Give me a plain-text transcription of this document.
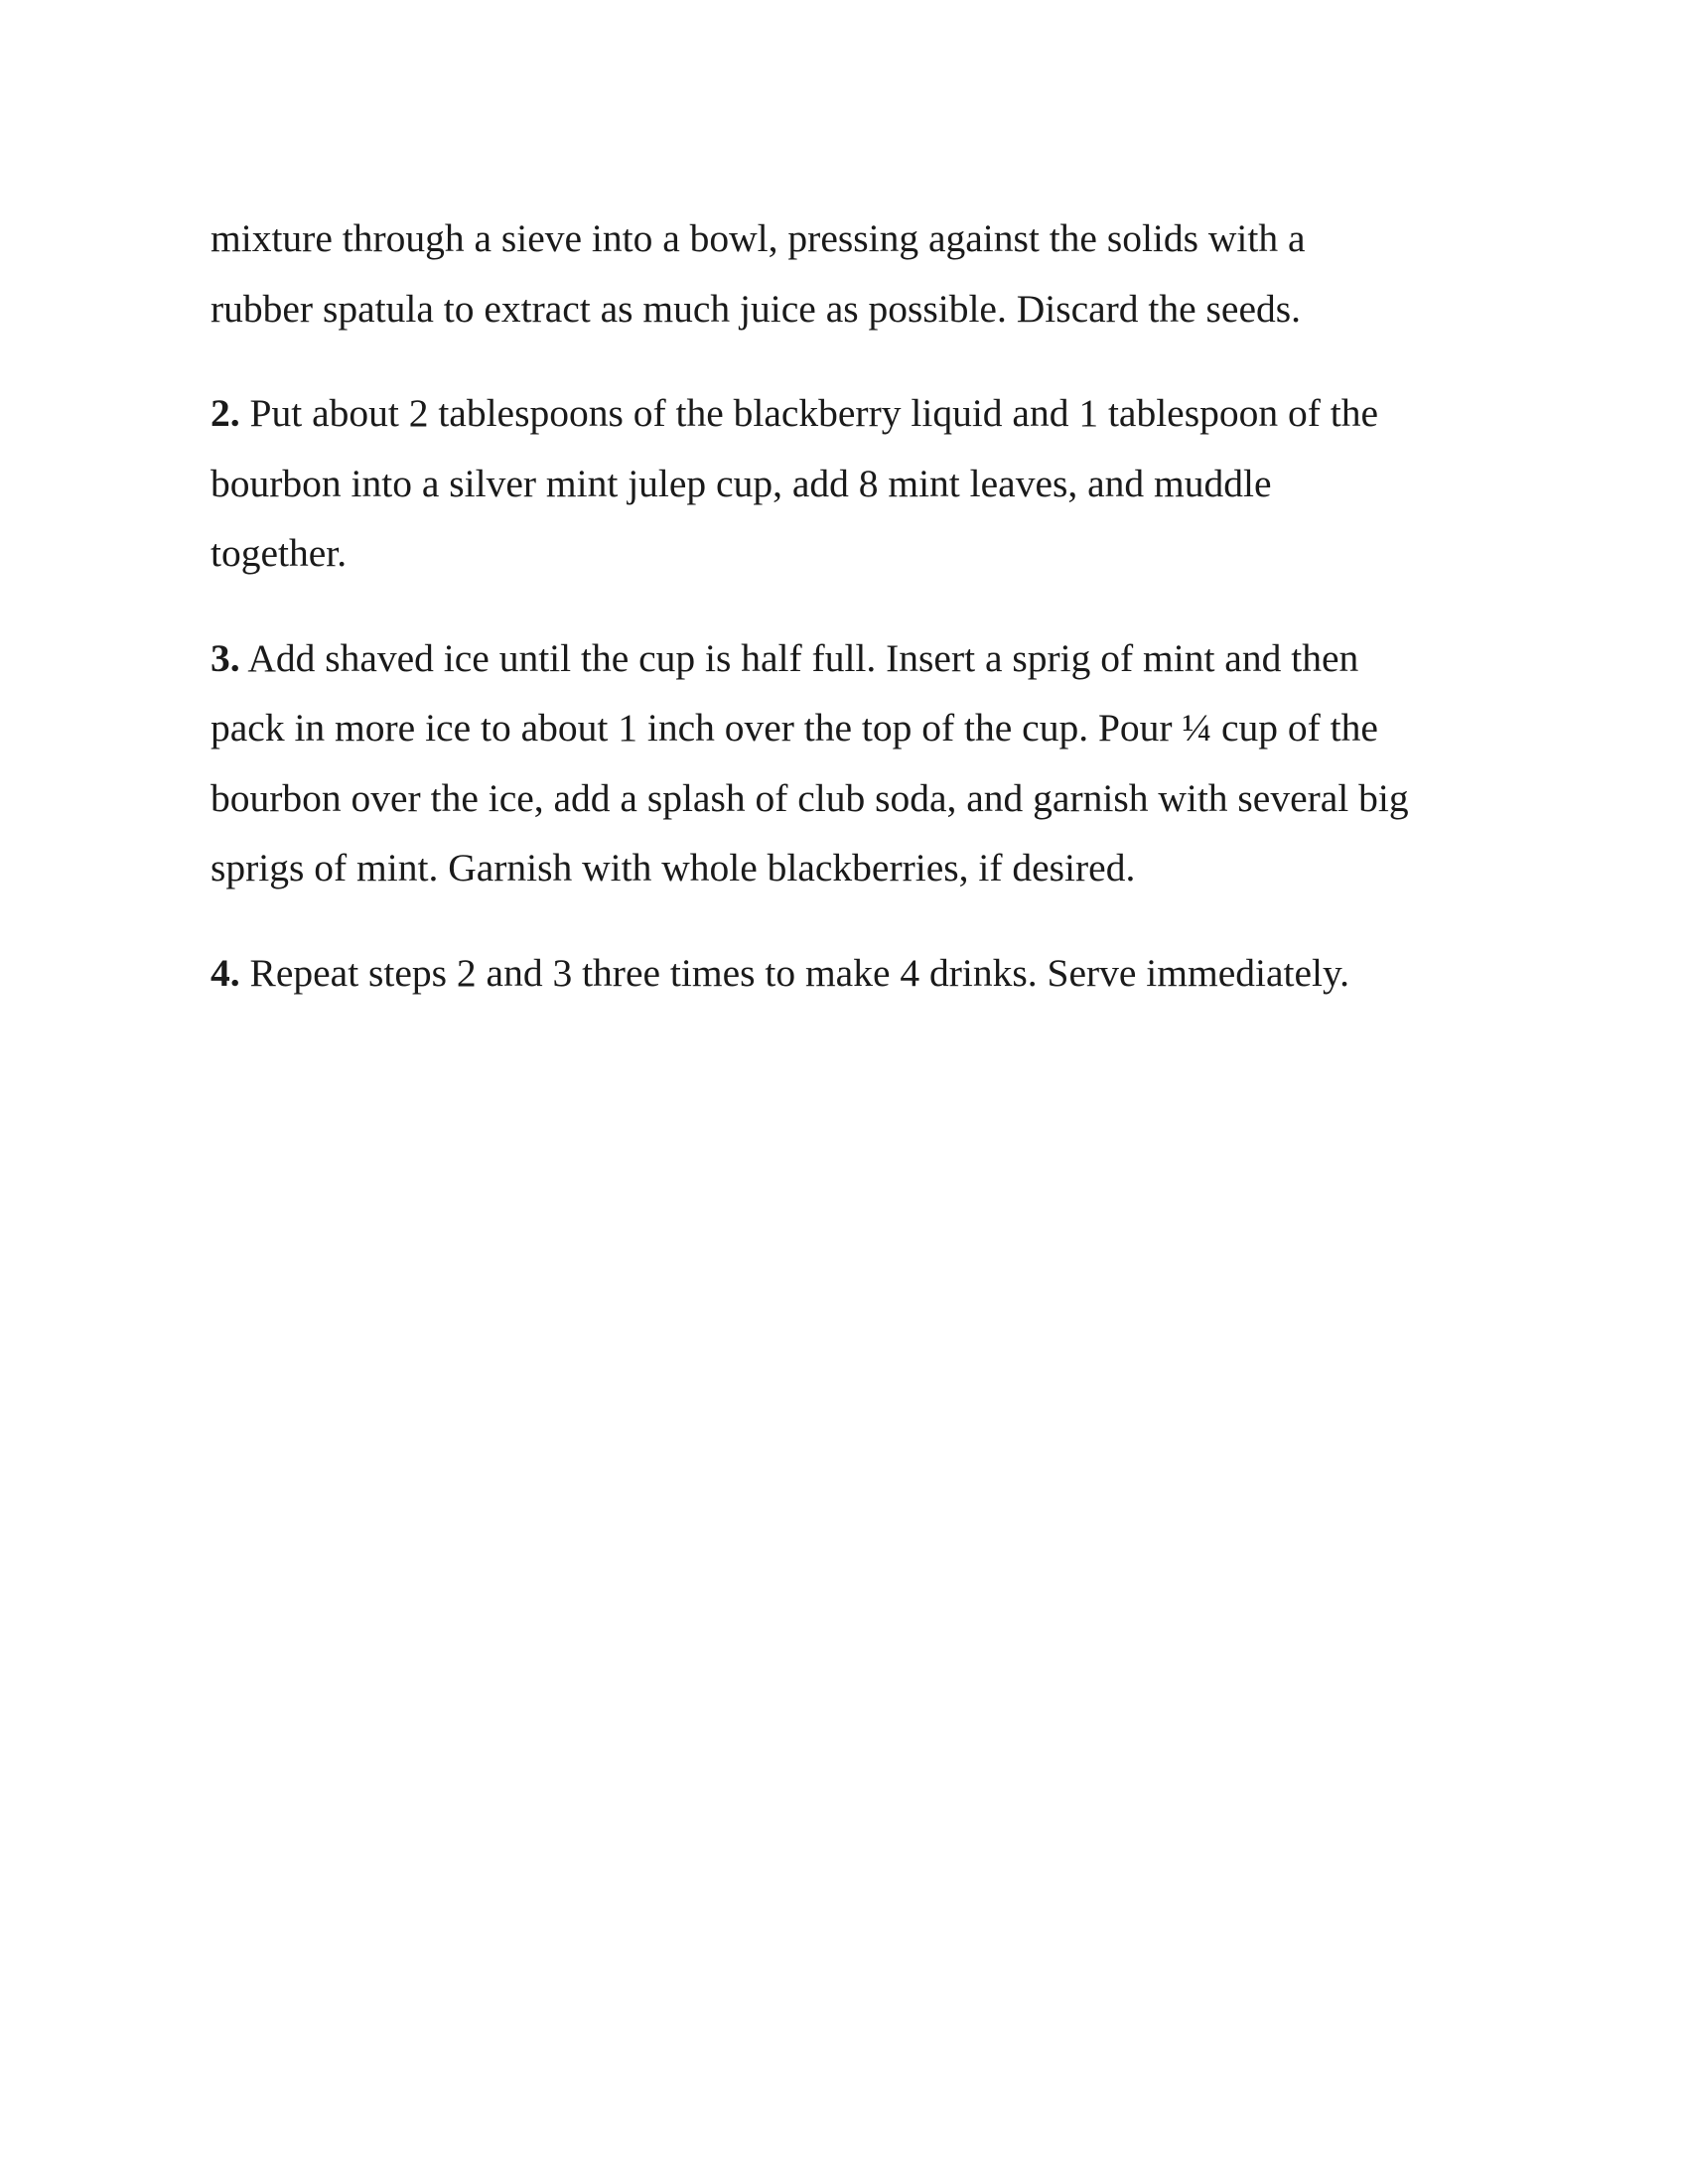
mixture through a sieve into a bowl, pressing against the solids with a
rubber spatula to extract as much juice as possible. Discard the seeds.

2. Put about 2 tablespoons of the blackberry liquid and 1 tablespoon of the
bourbon into a silver mint julep cup, add 8 mint leaves, and muddle
together.

3. Add shaved ice until the cup is half full. Insert a sprig of mint and then
pack in more ice to about 1 inch over the top of the cup. Pour ¼ cup of the
bourbon over the ice, add a splash of club soda, and garnish with several big
sprigs of mint. Garnish with whole blackberries, if desired.

4. Repeat steps 2 and 3 three times to make 4 drinks. Serve immediately.
